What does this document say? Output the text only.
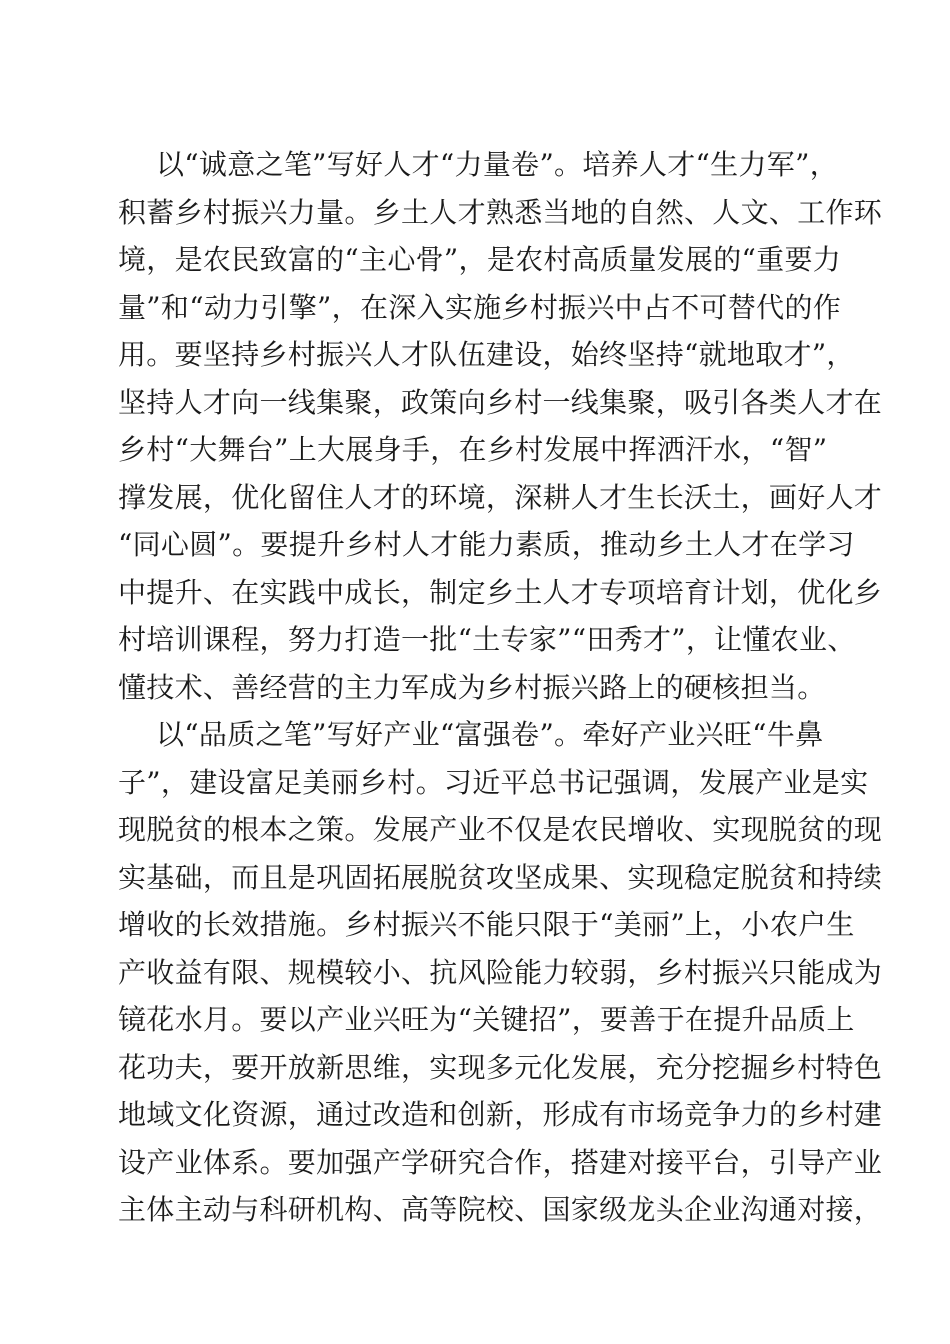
以“诚意之笔”写好人才“力量卷”。培养人才“生力军”，
积蓄乡村振兴力量。乡土人才熟悉当地的自然、人文、工作环
境，是农民致富的“主心骨”，是农村高质量发展的“重要力
量”和“动力引擎”，在深入实施乡村振兴中占不可替代的作
用。要坚持乡村振兴人才队伍建设，始终坚持“就地取才”，
坚持人才向一线集聚，政策向乡村一线集聚，吸引各类人才在
乡村“大舞台”上大展身手，在乡村发展中挥洒汗水，“智”
撑发展，优化留住人才的环境，深耕人才生长沃土，画好人才
“同心圆”。要提升乡村人才能力素质，推动乡土人才在学习
中提升、在实践中成长，制定乡土人才专项培育计划，优化乡
村培训课程，努力打造一批“土专家”“田秀才”，让懂农业、
懂技术、善经营的主力军成为乡村振兴路上的硬核担当。
以“品质之笔”写好产业“富强卷”。牵好产业兴旺“牛鼻
子”，建设富足美丽乡村。习近平总书记强调，发展产业是实
现脱贫的根本之策。发展产业不仅是农民增收、实现脱贫的现
实基础，而且是巩固拓展脱贫攻坚成果、实现稳定脱贫和持续
增收的长效措施。乡村振兴不能只限于“美丽”上，小农户生
产收益有限、规模较小、抗风险能力较弱，乡村振兴只能成为
镜花水月。要以产业兴旺为“关键招”，要善于在提升品质上
花功夫，要开放新思维，实现多元化发展，充分挖掘乡村特色
地域文化资源，通过改造和创新，形成有市场竞争力的乡村建
设产业体系。要加强产学研究合作，搭建对接平台，引导产业
主体主动与科研机构、高等院校、国家级龙头企业沟通对接，
